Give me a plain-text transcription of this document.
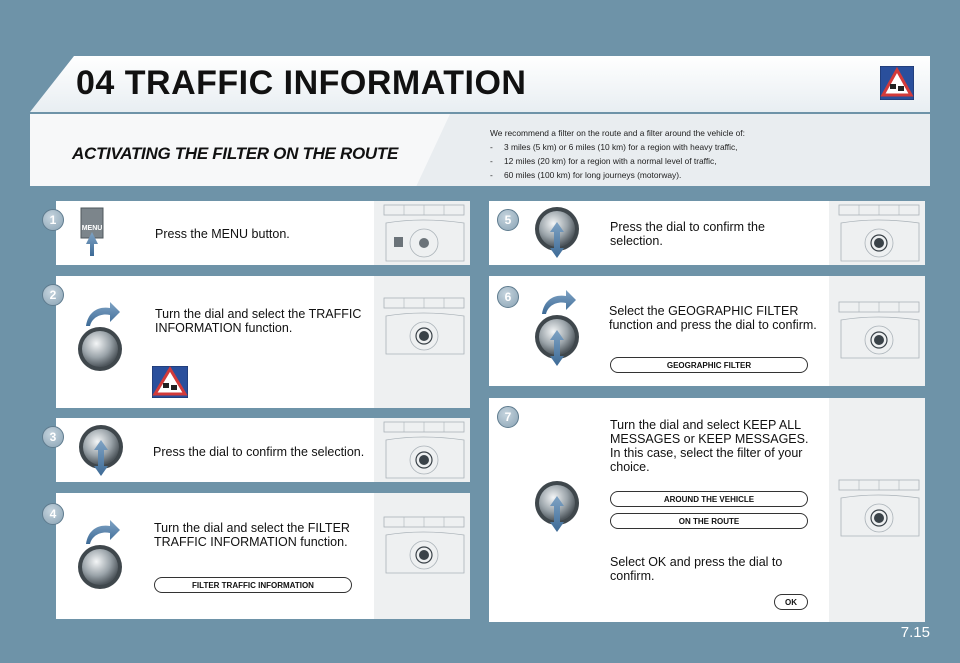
04 TRAFFIC INFORMATION
ACTIVATING THE FILTER ON THE ROUTE
We recommend a filter on the route and a filter around the vehicle of:
- 3 miles (5 km) or 6 miles (10 km) for a region with heavy traffic,
- 12 miles (20 km) for a region with a normal level of traffic,
- 60 miles (100 km) for long journeys (motorway).
1
MENU	Press the MENU button.
2
Turn the dial and select the TRAFFIC INFORMATION function.
3
Press the dial to confirm the selection.
4
Turn the dial and select the FILTER TRAFFIC INFORMATION function.
FILTER TRAFFIC INFORMATION
5	Press the dial to confirm the selection.
6
Select the GEOGRAPHIC FILTER function and press the dial to confirm.
GEOGRAPHIC FILTER
7
Turn the dial and select KEEP ALL MESSAGES or KEEP MESSAGES. In this case, select the filter of your choice.
AROUND THE VEHICLE
ON THE ROUTE
Select OK and press the dial to confirm.
OK
7.15
